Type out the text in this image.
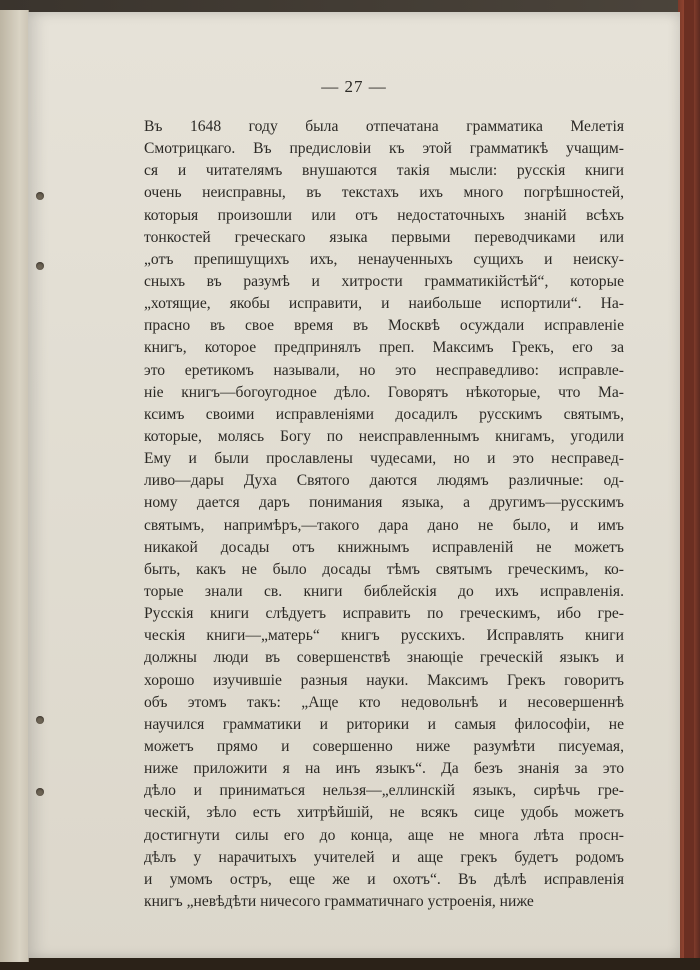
— 27 —
Въ 1648 году была отпечатана грамматика Мелетія
Смотрицкаго. Въ предисловіи къ этой грамматикѣ учащим-
ся и читателямъ внушаются такія мысли: русскія книги
очень неисправны, въ текстахъ ихъ много погрѣшностей,
которыя произошли или отъ недостаточныхъ знаній всѣхъ
тонкостей греческаго языка первыми переводчиками или
„отъ препишущихъ ихъ, ненаученныхъ сущихъ и неиску-
сныхъ въ разумѣ и хитрости грамматикійстѣй“, которые
„хотящие, якобы исправити, и наибольше испортили“. На-
прасно въ свое время въ Москвѣ осуждали исправленіе
книгъ, которое предпринялъ преп. Максимъ Грекъ, его за
это еретикомъ называли, но это несправедливо: исправле-
ніе книгъ—богоугодное дѣло. Говорятъ нѣкоторые, что Ма-
ксимъ своими исправленіями досадилъ русскимъ святымъ,
которые, молясь Богу по неисправленнымъ книгамъ, угодили
Ему и были прославлены чудесами, но и это несправед-
ливо—дары Духа Святого даются людямъ различные: од-
ному дается даръ понимания языка, а другимъ—русскимъ
святымъ, напримѣръ,—такого дара дано не было, и имъ
никакой досады отъ книжнымъ исправленій не можетъ
быть, какъ не было досады тѣмъ святымъ греческимъ, ко-
торые знали св. книги библейскія до ихъ исправленія.
Русскія книги слѣдуетъ исправить по греческимъ, ибо гре-
ческія книги—„матерь“ книгъ русскихъ. Исправлять книги
должны люди въ совершенствѣ знающіе греческій языкъ и
хорошо изучившіе разныя науки. Максимъ Грекъ говоритъ
объ этомъ такъ: „Аще кто недовольнѣ и несовершеннѣ
научился грамматики и риторики и самыя философіи, не
можетъ прямо и совершенно ниже разумѣти писуемая,
ниже приложити я на инъ языкъ“. Да безъ знанія за это
дѣло и приниматься нельзя—„еллинскій языкъ, сирѣчь гре-
ческій, зѣло есть хитрѣйшій, не всякъ сице удобь можетъ
достигнути силы его до конца, аще не многа лѣта просн-
дѣлъ у нарачитыхъ учителей и аще грекъ будетъ родомъ
и умомъ остръ, еще же и охотъ“. Въ дѣлѣ исправленія
книгъ „невѣдѣти ничесого грамматичнаго устроенія, ниже
